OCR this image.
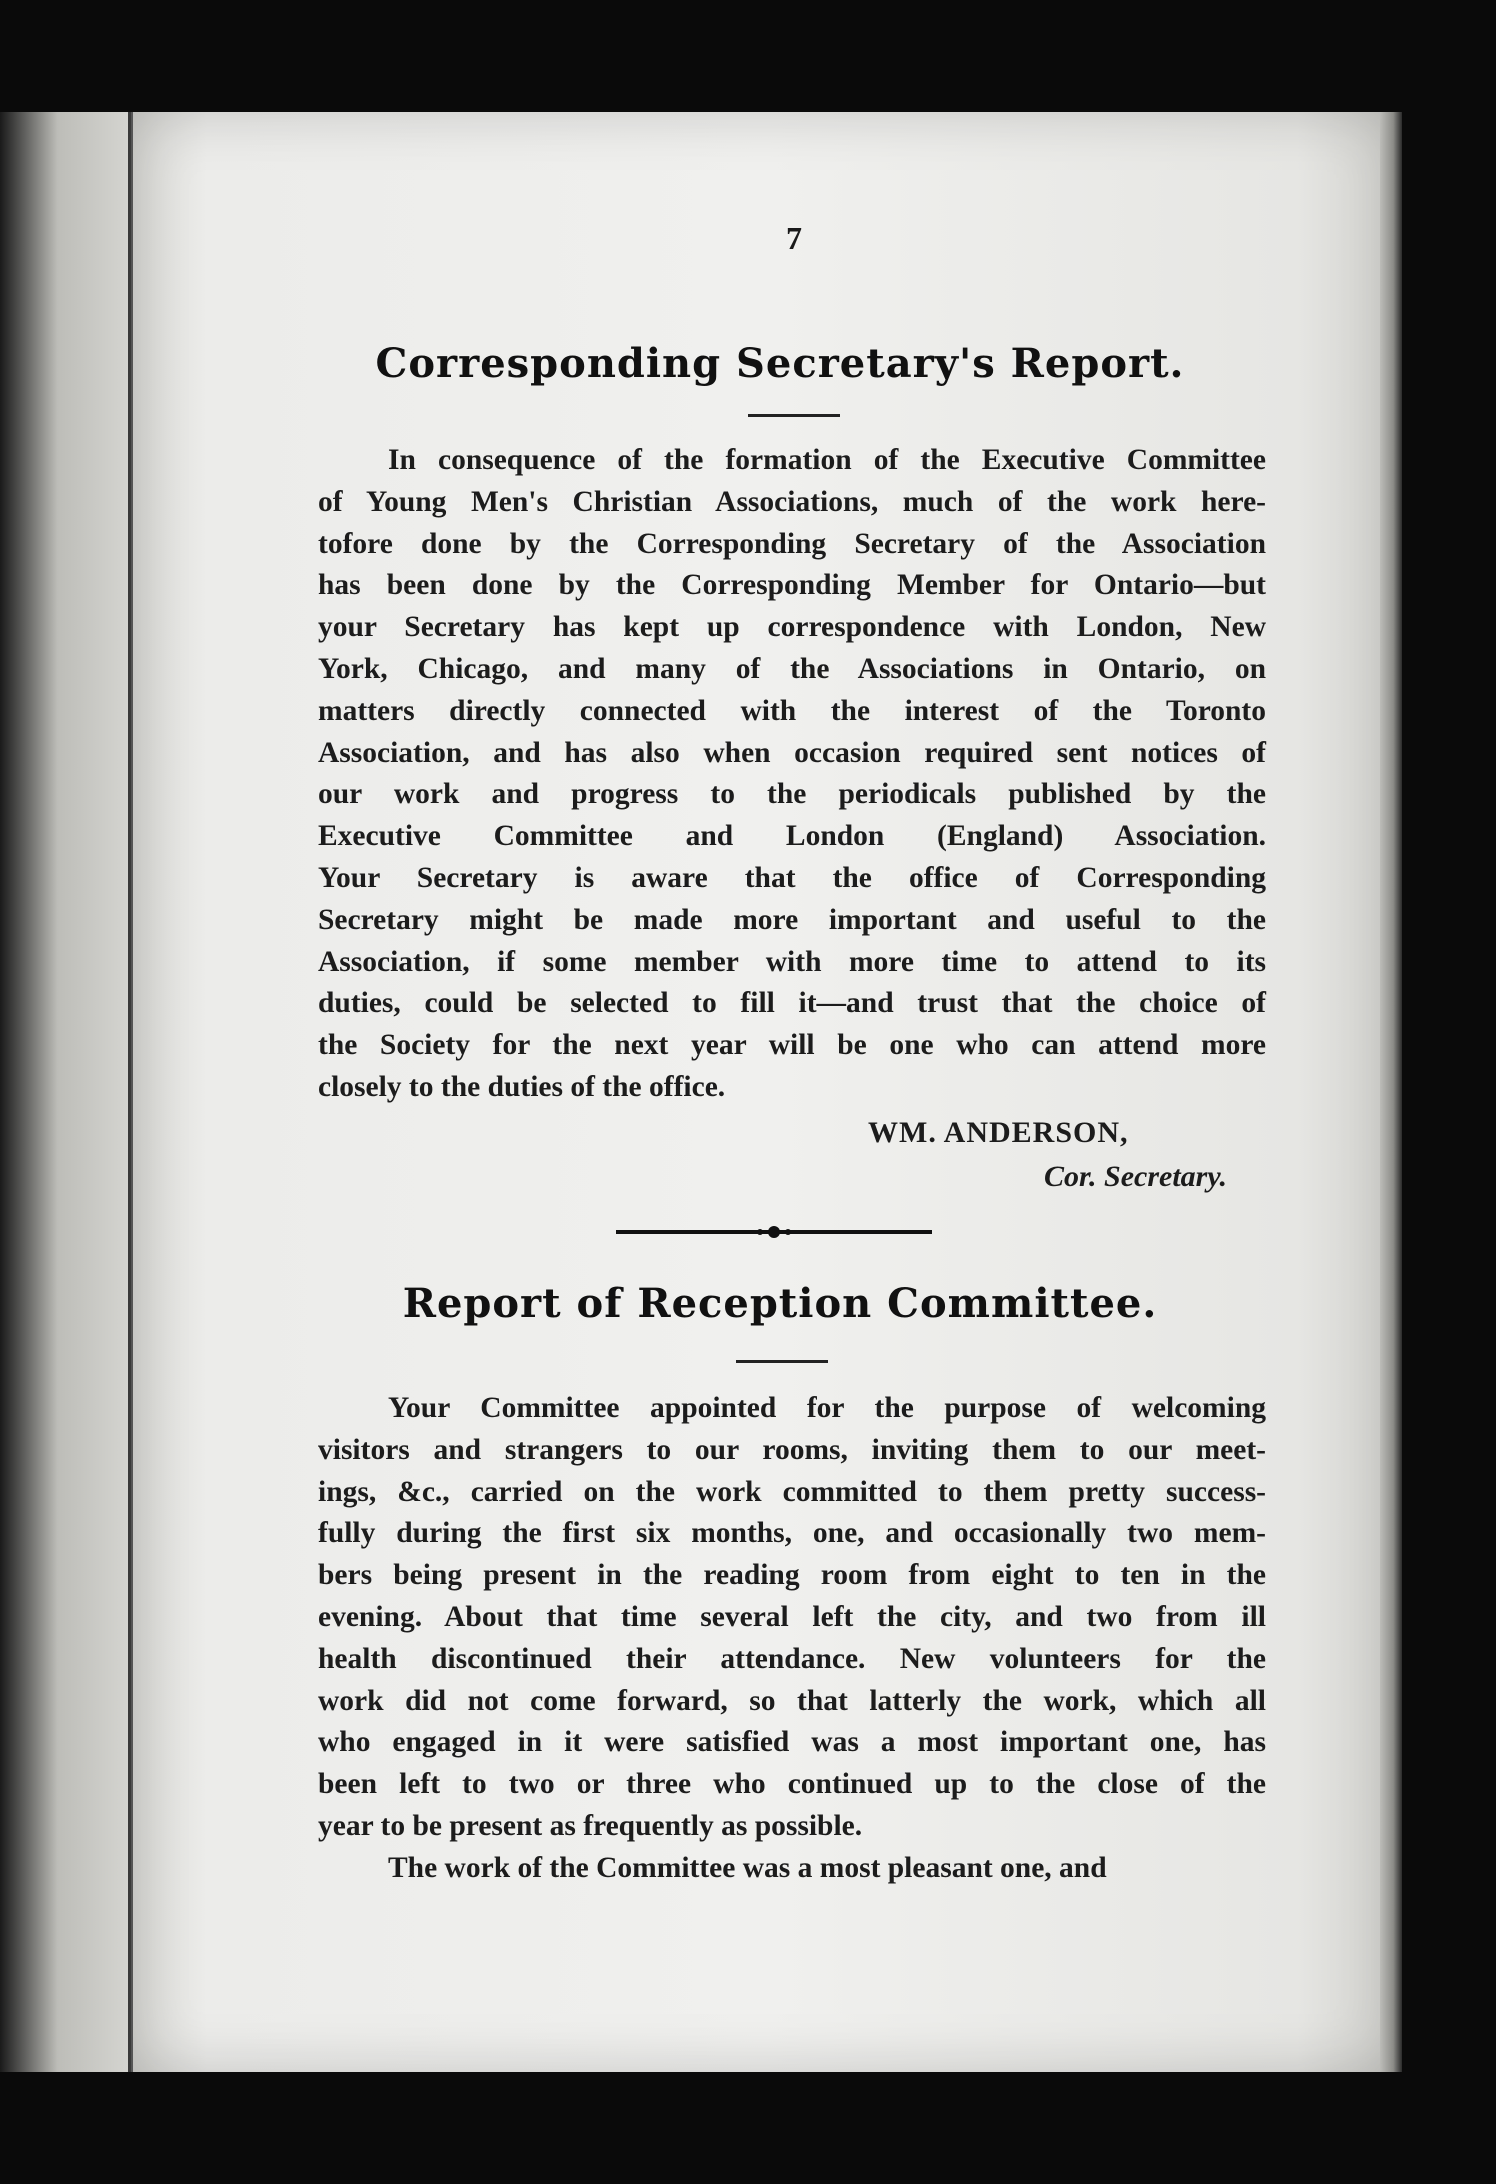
7
Corresponding Secretary's Report.
In consequence of the formation of the Executive Committee
of Young Men's Christian Associations, much of the work here-
tofore done by the Corresponding Secretary of the Association
has been done by the Corresponding Member for Ontario—but
your Secretary has kept up correspondence with London, New
York, Chicago, and many of the Associations in Ontario, on
matters directly connected with the interest of the Toronto
Association, and has also when occasion required sent notices of
our work and progress to the periodicals published by the
Executive Committee and London (England) Association.
Your Secretary is aware that the office of Corresponding
Secretary might be made more important and useful to the
Association, if some member with more time to attend to its
duties, could be selected to fill it—and trust that the choice of
the Society for the next year will be one who can attend more
closely to the duties of the office.
WM. ANDERSON,
Cor. Secretary.
Report of Reception Committee.
Your Committee appointed for the purpose of welcoming
visitors and strangers to our rooms, inviting them to our meet-
ings, &c., carried on the work committed to them pretty success-
fully during the first six months, one, and occasionally two mem-
bers being present in the reading room from eight to ten in the
evening. About that time several left the city, and two from ill
health discontinued their attendance. New volunteers for the
work did not come forward, so that latterly the work, which all
who engaged in it were satisfied was a most important one, has
been left to two or three who continued up to the close of the
year to be present as frequently as possible.
The work of the Committee was a most pleasant one, and
